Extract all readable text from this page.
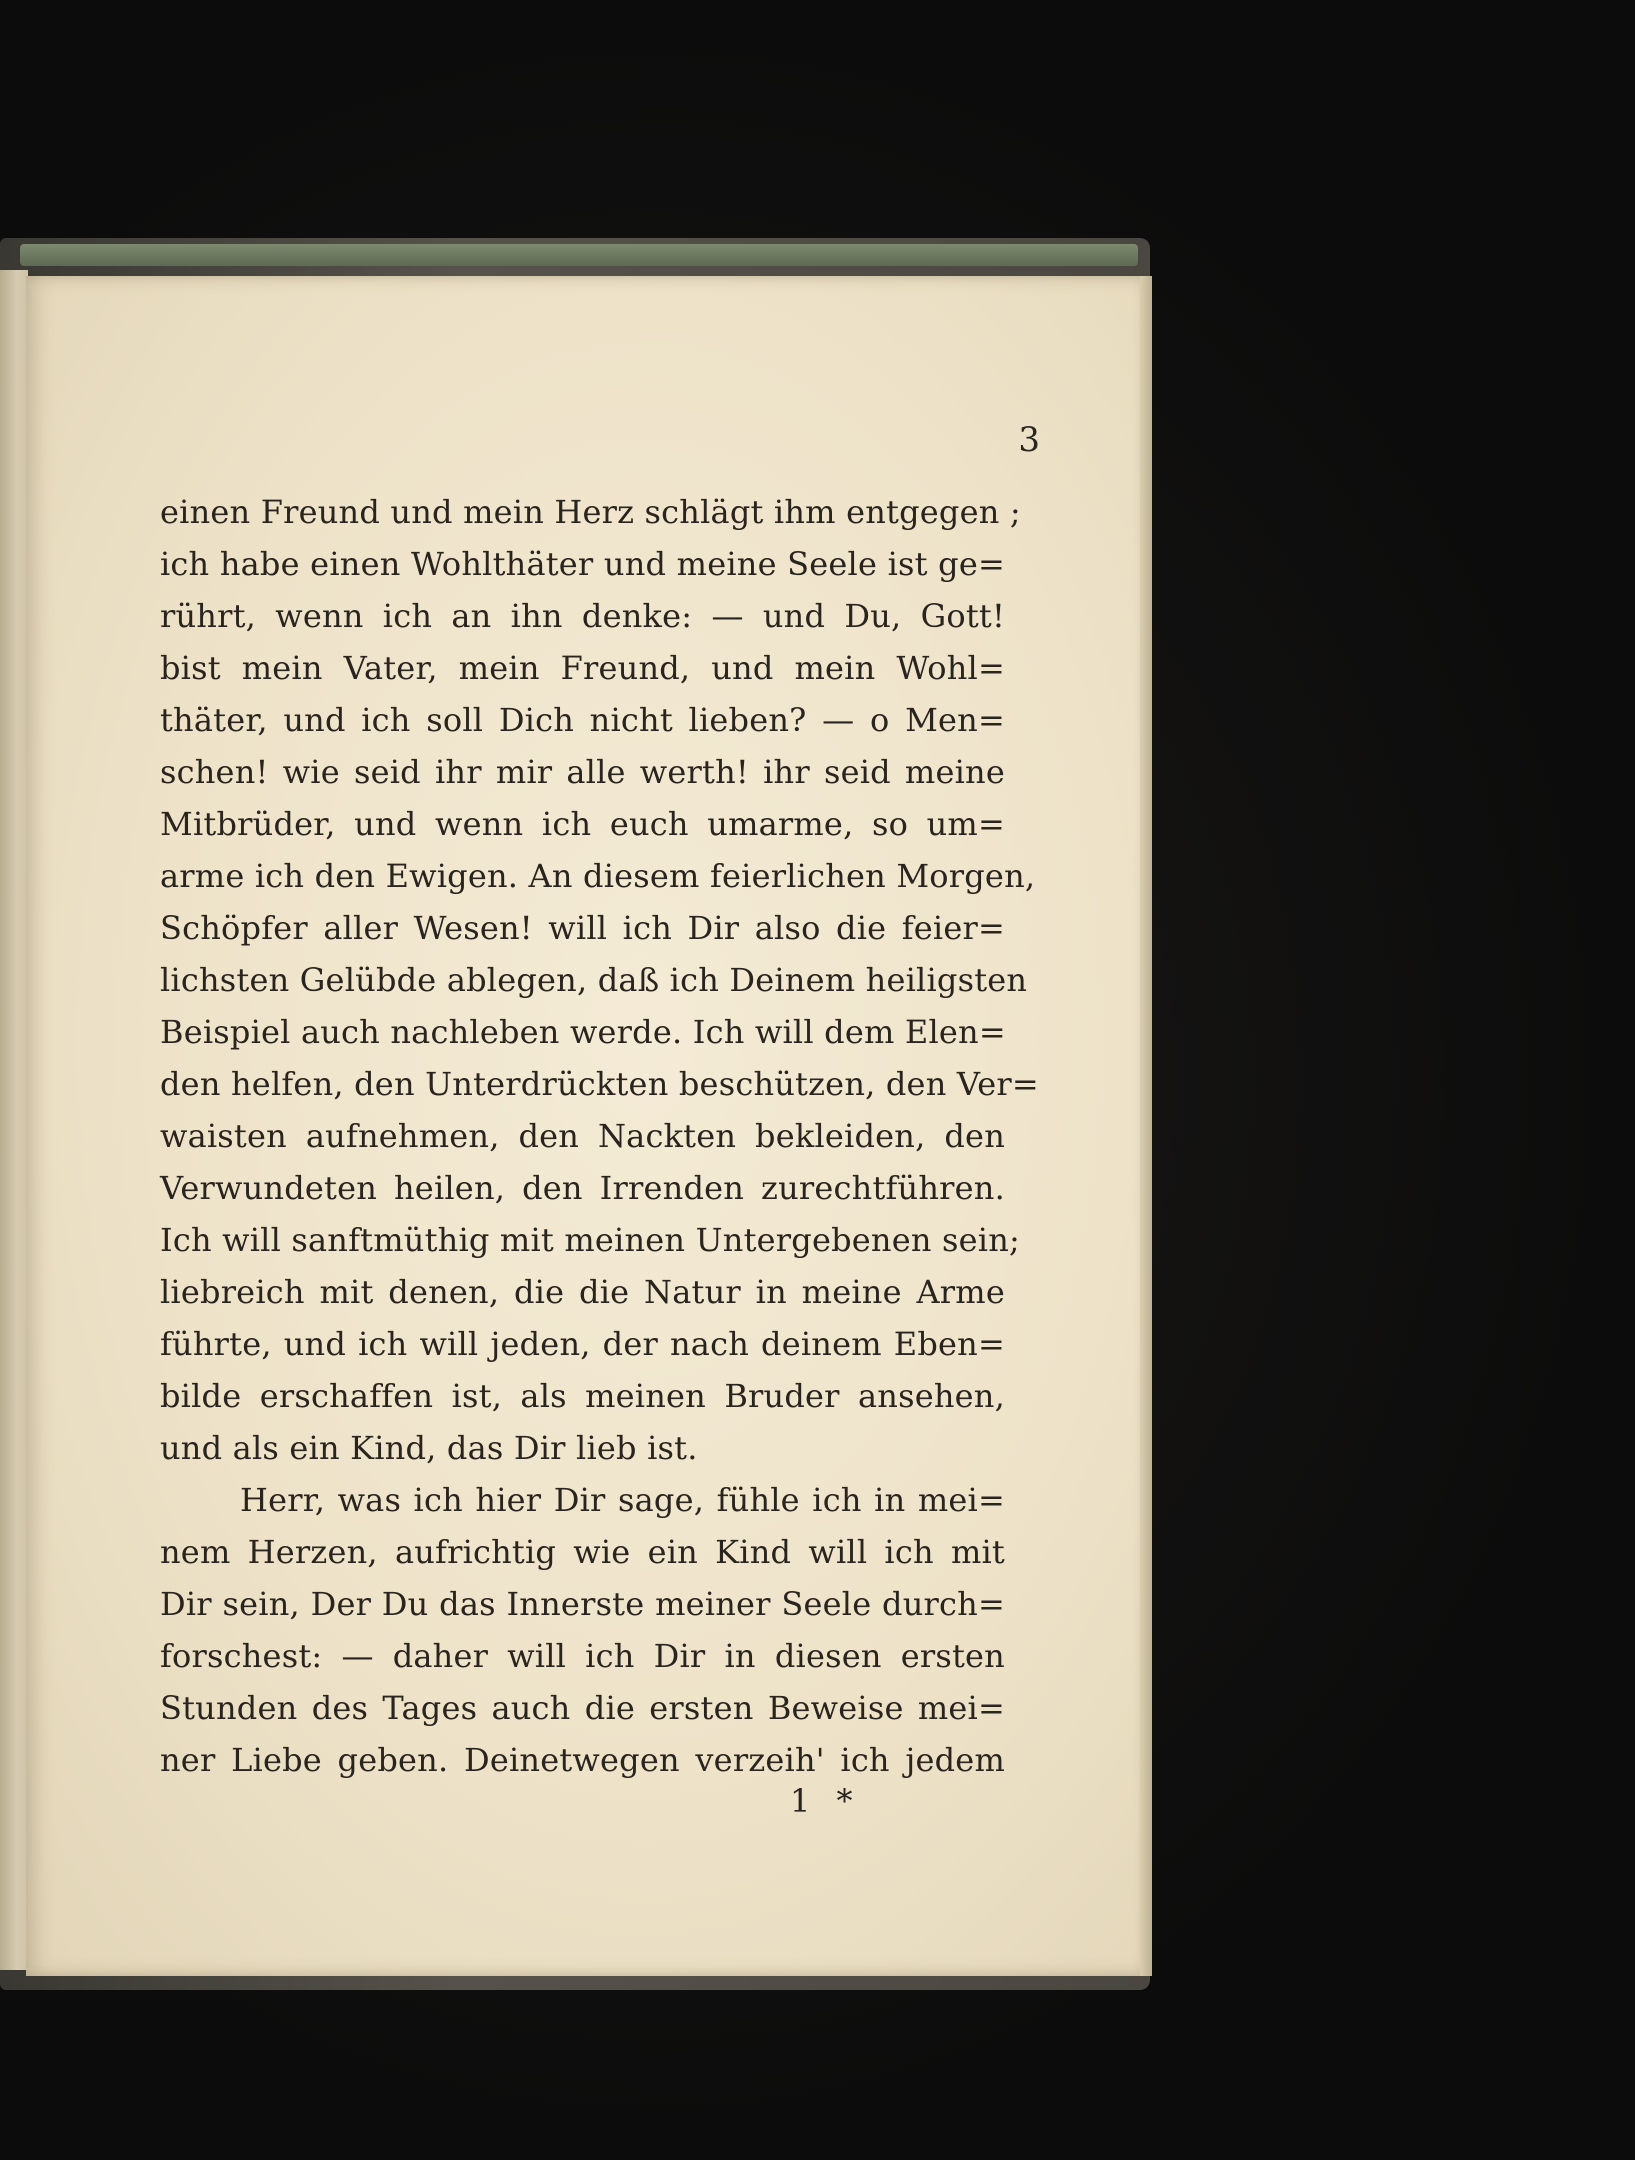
3
einen Freund und mein Herz schlägt ihm entgegen ;
ich habe einen Wohlthäter und meine Seele ist ge=
rührt, wenn ich an ihn denke: — und Du, Gott!
bist mein Vater, mein Freund, und mein Wohl=
thäter, und ich soll Dich nicht lieben? — o Men=
schen! wie seid ihr mir alle werth! ihr seid meine
Mitbrüder, und wenn ich euch umarme, so um=
arme ich den Ewigen. An diesem feierlichen Morgen,
Schöpfer aller Wesen! will ich Dir also die feier=
lichsten Gelübde ablegen, daß ich Deinem heiligsten
Beispiel auch nachleben werde. Ich will dem Elen=
den helfen, den Unterdrückten beschützen, den Ver=
waisten aufnehmen, den Nackten bekleiden, den
Verwundeten heilen, den Irrenden zurechtführen.
Ich will sanftmüthig mit meinen Untergebenen sein;
liebreich mit denen, die die Natur in meine Arme
führte, und ich will jeden, der nach deinem Eben=
bilde erschaffen ist, als meinen Bruder ansehen,
und als ein Kind, das Dir lieb ist.
Herr, was ich hier Dir sage, fühle ich in mei=
nem Herzen, aufrichtig wie ein Kind will ich mit
Dir sein, Der Du das Innerste meiner Seele durch=
forschest: — daher will ich Dir in diesen ersten
Stunden des Tages auch die ersten Beweise mei=
ner Liebe geben. Deinetwegen verzeih' ich jedem
1 *
